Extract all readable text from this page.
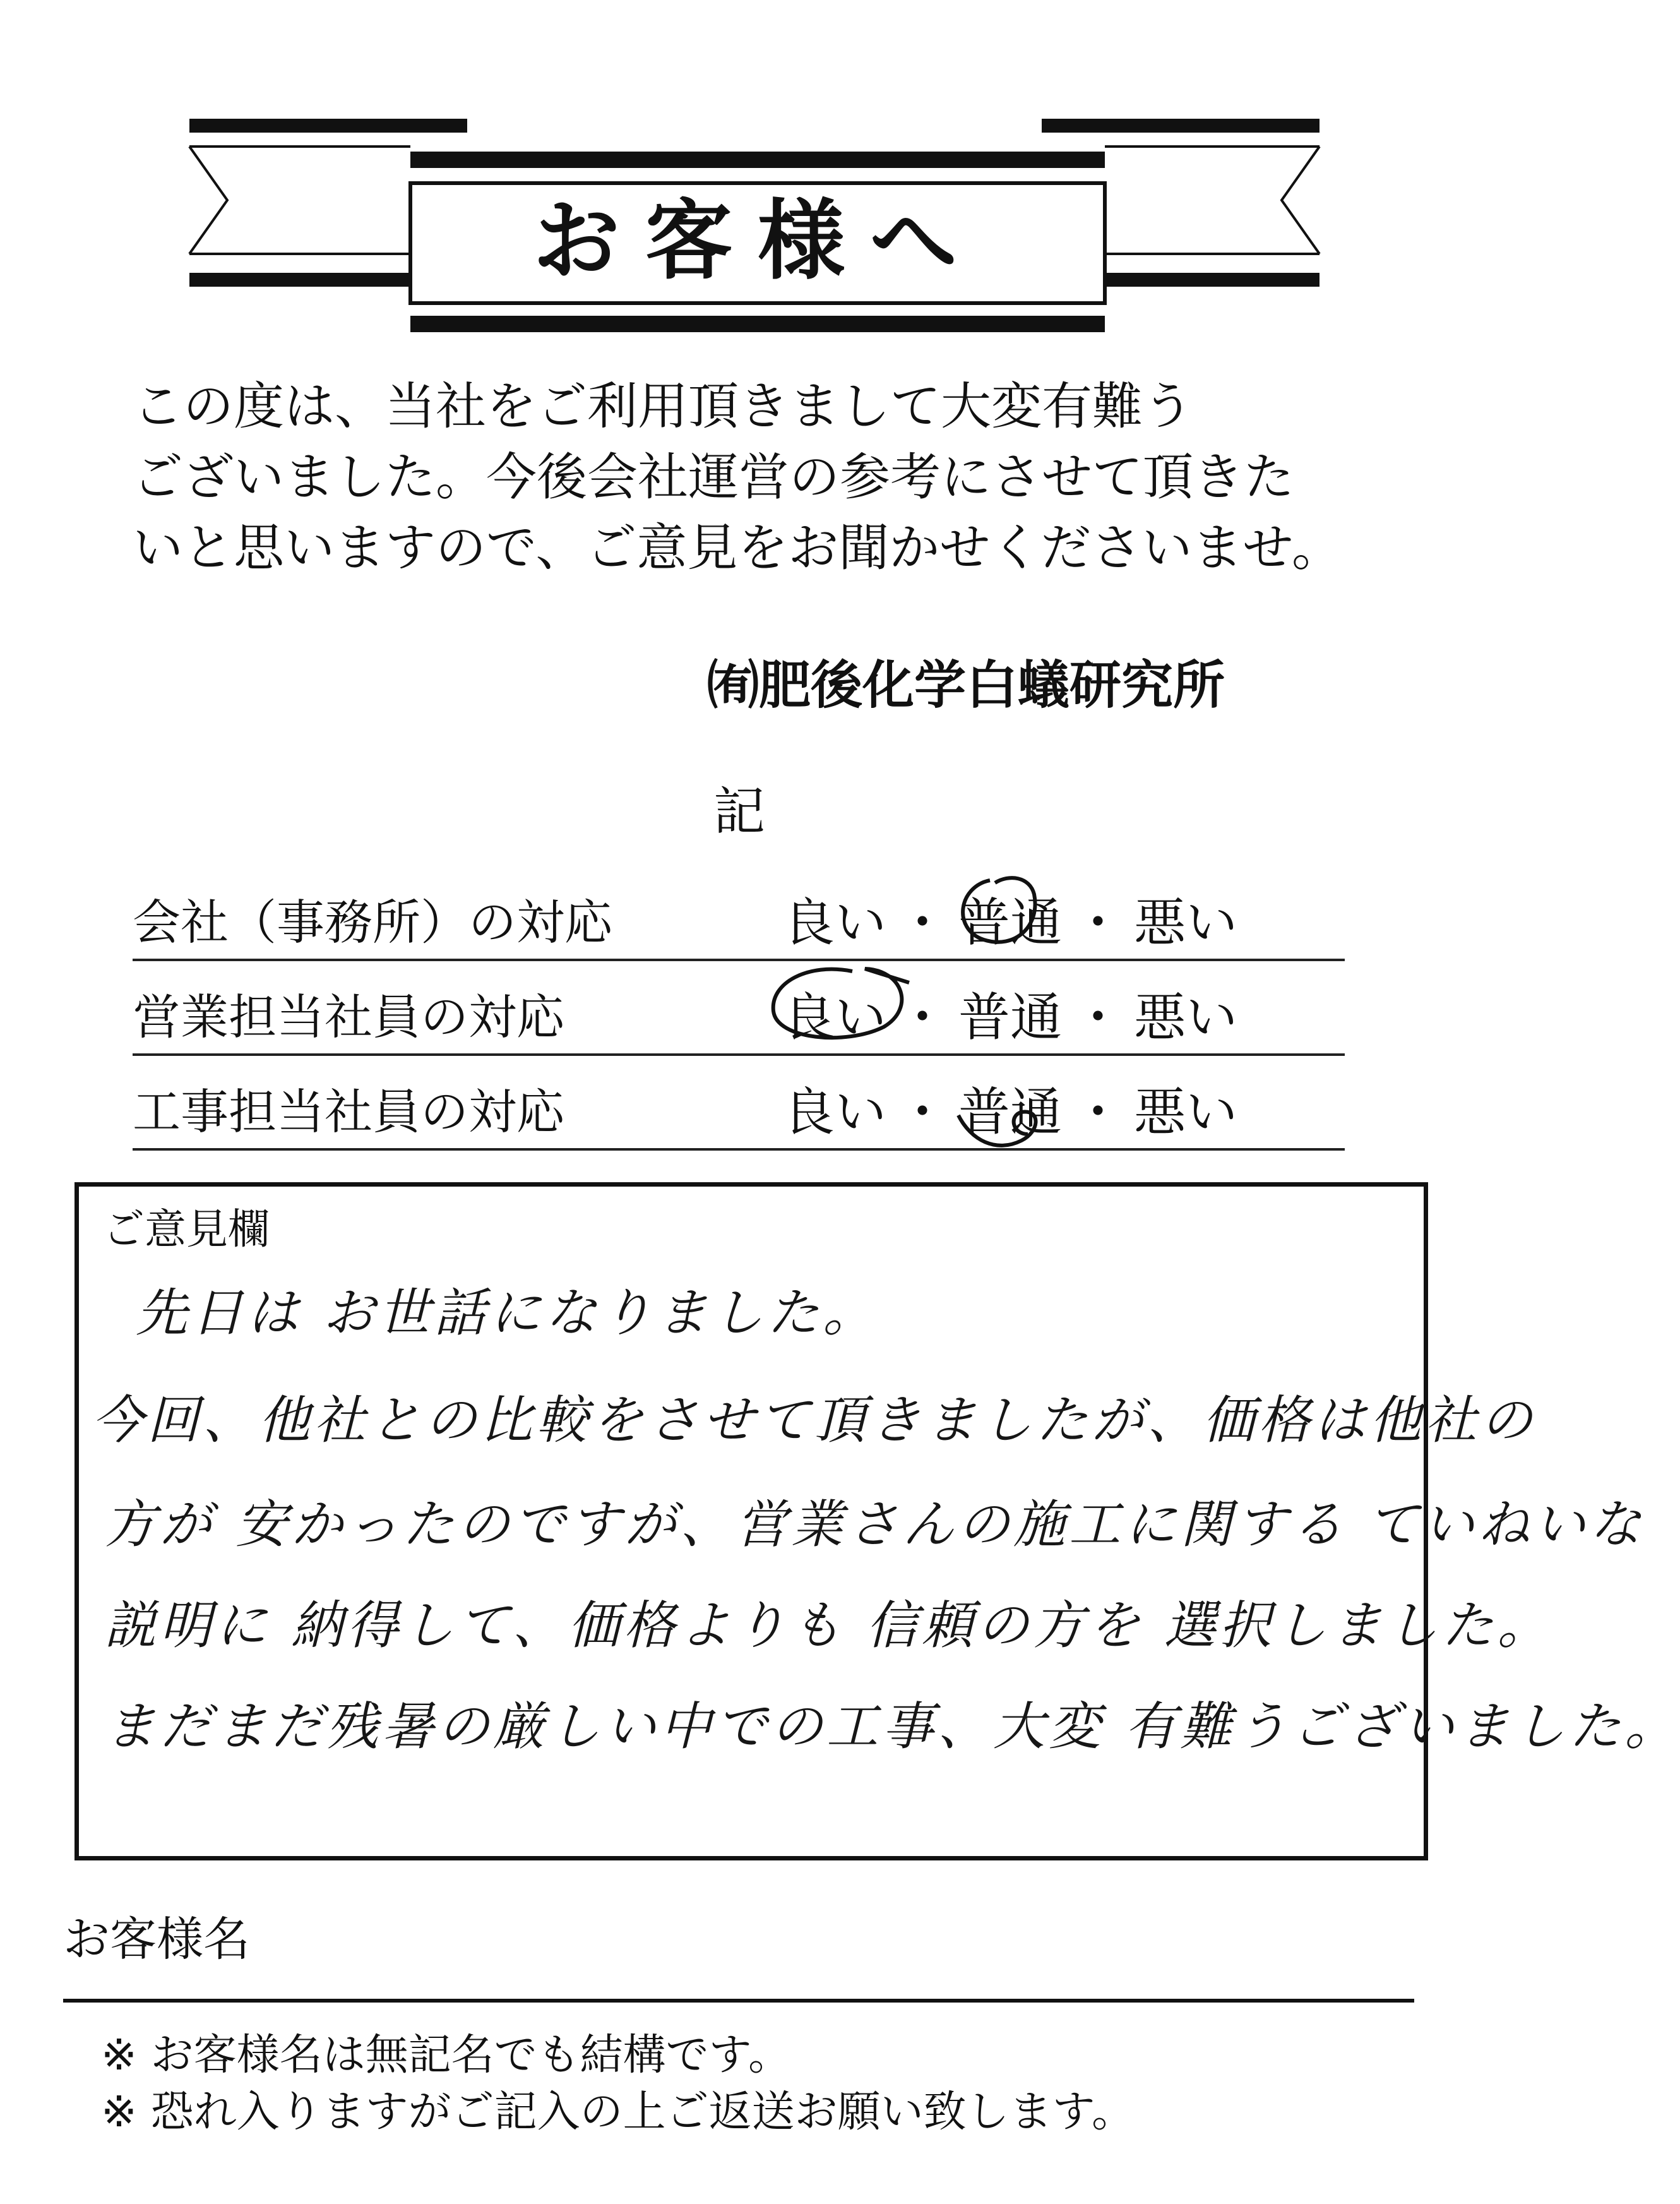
お客様へ
この度は、当社をご利用頂きまして大変有難う
ございました。今後会社運営の参考にさせて頂きた
いと思いますので、ご意見をお聞かせくださいませ。
㈲肥後化学白蟻研究所
記
会社（事務所）の対応	良い ・ 普通 ・ 悪い
営業担当社員の対応	良い ・ 普通 ・ 悪い
工事担当社員の対応	良い ・ 普通 ・ 悪い
ご意見欄
先日は お世話になりました。
今回、他社との比較をさせて頂きましたが、価格は他社の
方が 安かったのですが、営業さんの施工に関する ていねいな
説明に 納得して、価格よりも 信頼の方を 選択しました。
まだまだ残暑の厳しい中での工事、大変 有難うございました。
お客様名
※ お客様名は無記名でも結構です。
※ 恐れ入りますがご記入の上ご返送お願い致します。
